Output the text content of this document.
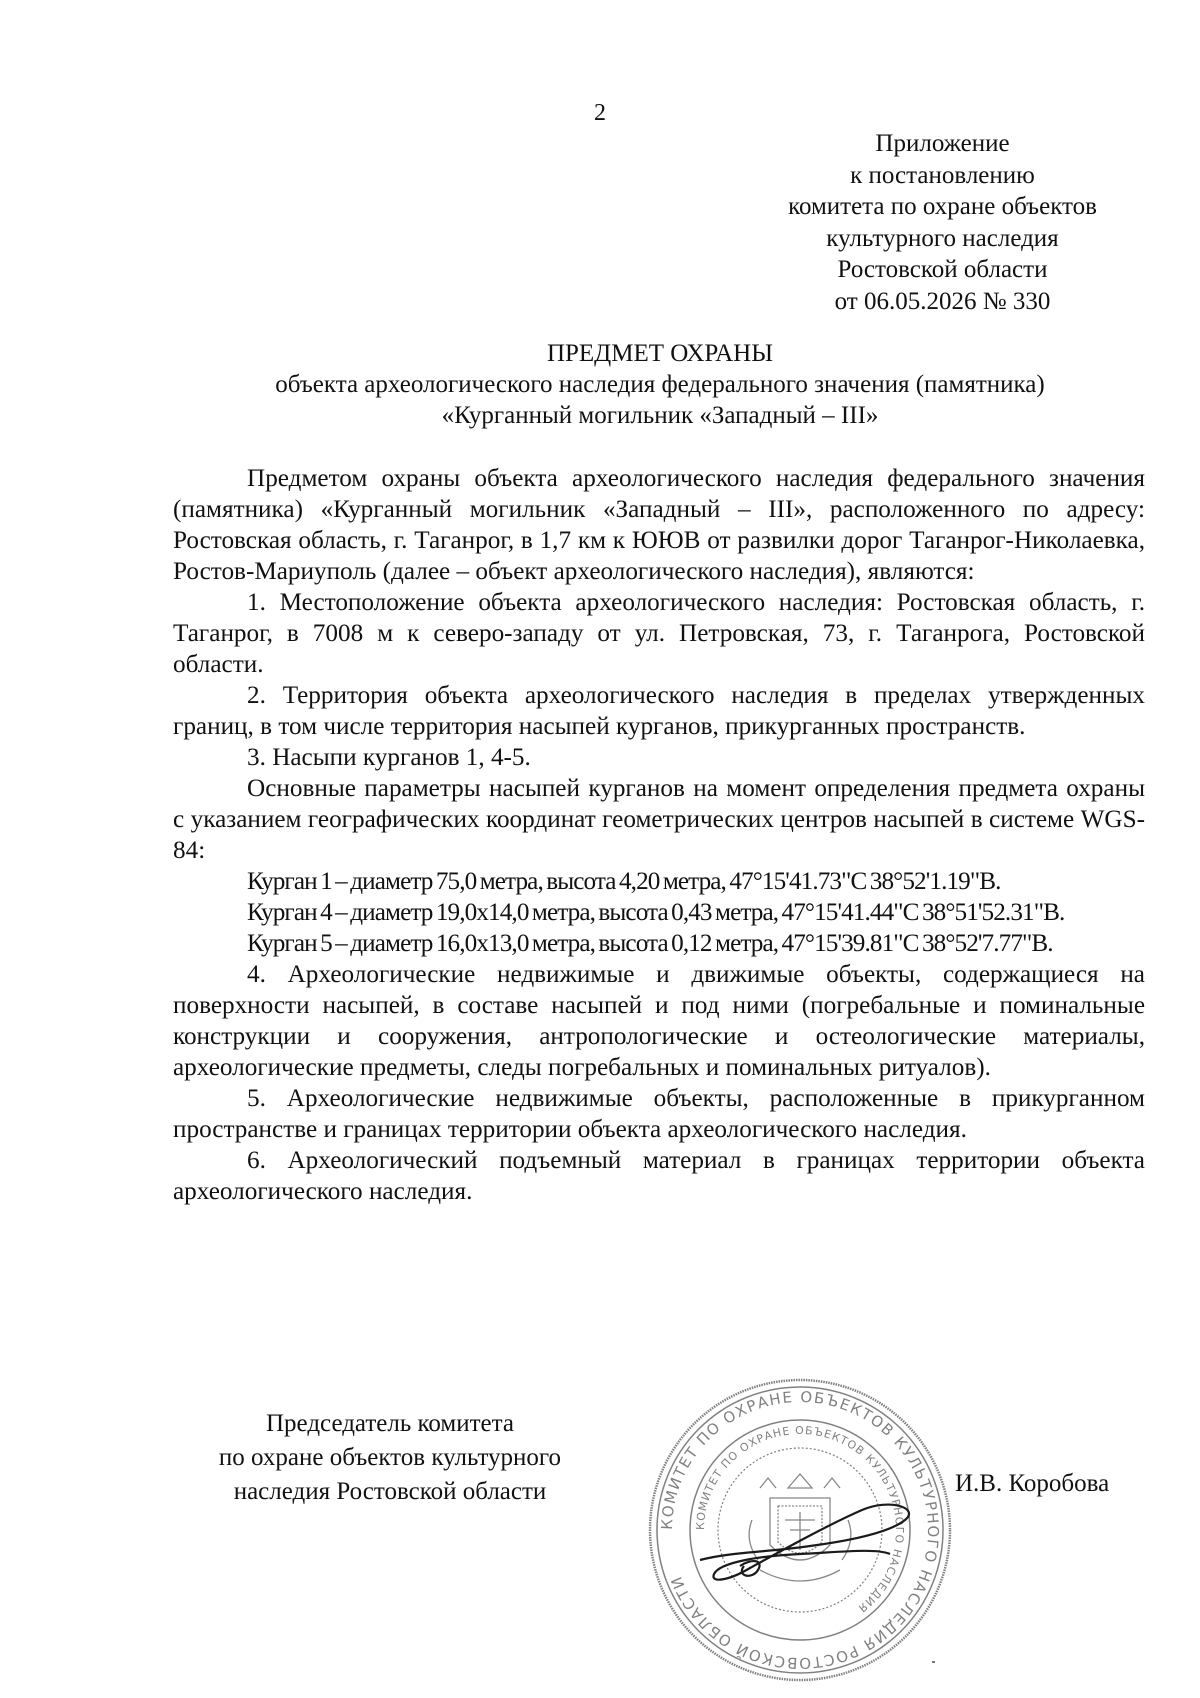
2
Приложение
к постановлению
комитета по охране объектов
культурного наследия
Ростовской области
от 06.05.2026 № 330
ПРЕДМЕТ ОХРАНЫ
объекта археологического наследия федерального значения (памятника)
«Курганный могильник «Западный – III»

Предметом охраны объекта археологического наследия федерального значения (памятника) «Курганный могильник «Западный – III», расположенного по адресу: Ростовская область, г. Таганрог, в 1,7 км к ЮЮВ от развилки дорог Таганрог-Николаевка, Ростов-Мариуполь (далее – объект археологического наследия), являются:

1. Местоположение объекта археологического наследия: Ростовская область, г. Таганрог, в 7008 м к северо-западу от ул. Петровская, 73, г. Таганрога, Ростовской области.

2. Территория объекта археологического наследия в пределах утвержденных границ, в том числе территория насыпей курганов, прикурганных пространств.

3. Насыпи курганов 1, 4-5.

Основные параметры насыпей курганов на момент определения предмета охраны с указанием географических координат геометрических центров насыпей в системе WGS-84:

Курган 1 – диаметр 75,0 метра, высота 4,20 метра, 47°15'41.73"С 38°52'1.19"В.

Курган 4 – диаметр 19,0х14,0 метра, высота 0,43 метра, 47°15'41.44"С 38°51'52.31"В.

Курган 5 – диаметр 16,0х13,0 метра, высота 0,12 метра, 47°15'39.81"С 38°52'7.77"В.

4. Археологические недвижимые и движимые объекты, содержащиеся на поверхности насыпей, в составе насыпей и под ними (погребальные и поминальные конструкции и сооружения, антропологические и остеологические материалы, археологические предметы, следы погребальных и поминальных ритуалов).

5. Археологические недвижимые объекты, расположенные в прикурганном пространстве и границах территории объекта археологического наследия.

6. Археологический подъемный материал в границах территории объекта археологического наследия.

Председатель комитета
по охране объектов культурного
наследия Ростовской области
КОМИТЕТ ПО ОХРАНЕ ОБЪЕКТОВ КУЛЬТУРНОГО НАСЛЕДИЯ РОСТОВСКОЙ ОБЛАСТИ
КОМИТЕТ ПО ОХРАНЕ ОБЪЕКТОВ КУЛЬТУРНОГО НАСЛЕДИЯ
И.В. Коробова
